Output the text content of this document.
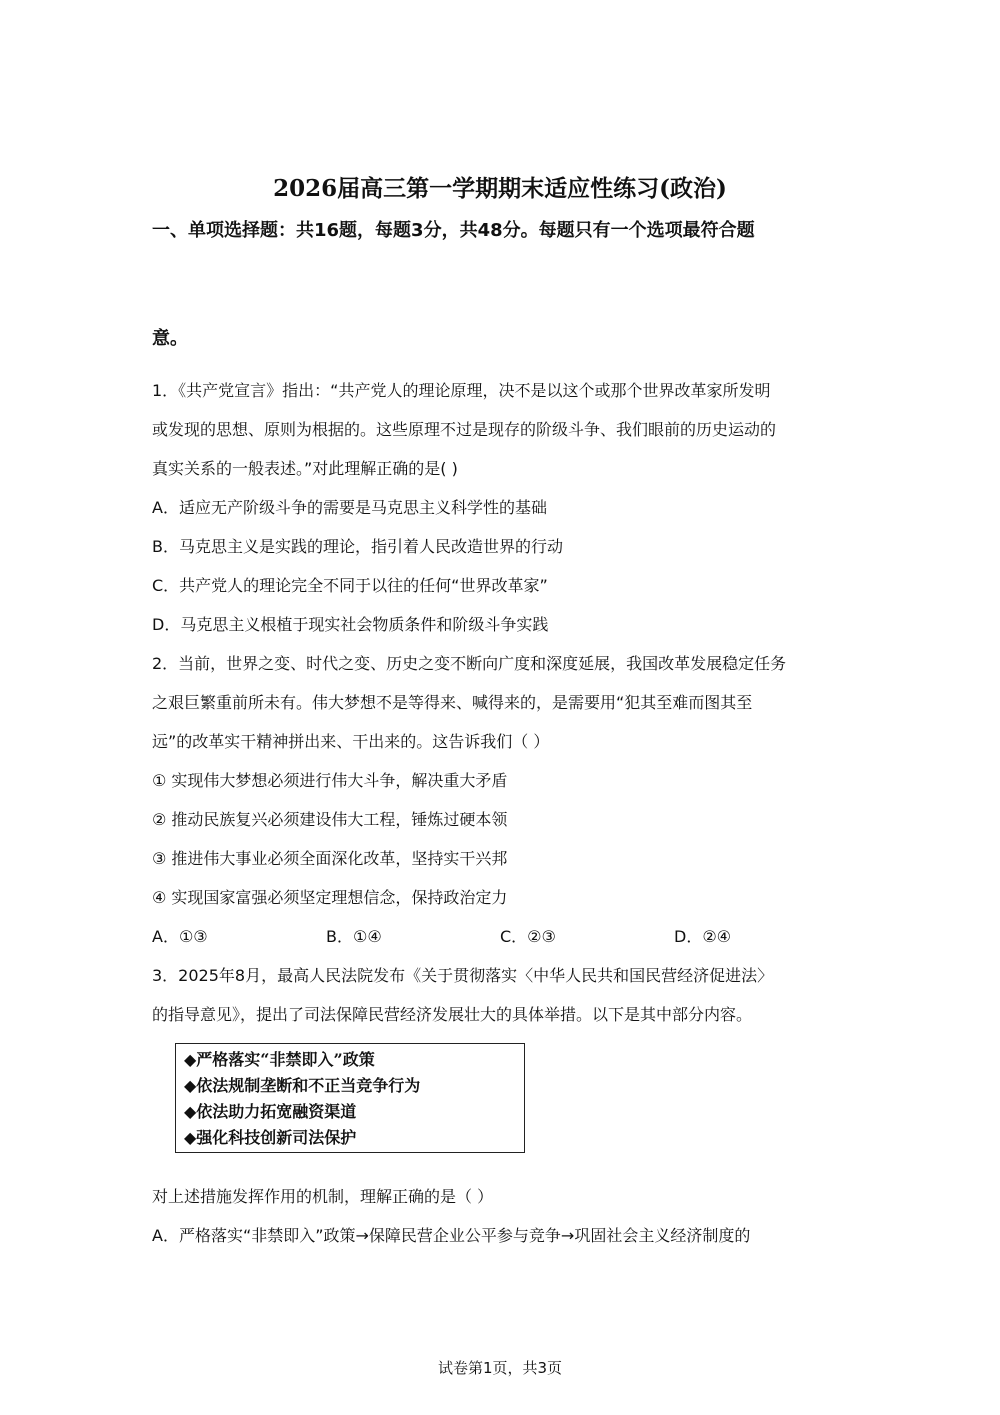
2026届高三第一学期期末适应性练习(政治)
一、单项选择题：共16题，每题3分，共48分。每题只有一个选项最符合题
意。
1．《共产党宣言》指出：“共产党人的理论原理，决不是以这个或那个世界改革家所发明
或发现的思想、原则为根据的。这些原理不过是现存的阶级斗争、我们眼前的历史运动的
真实关系的一般表述。”对此理解正确的是( )
A．适应无产阶级斗争的需要是马克思主义科学性的基础
B．马克思主义是实践的理论，指引着人民改造世界的行动
C．共产党人的理论完全不同于以往的任何“世界改革家”
D．马克思主义根植于现实社会物质条件和阶级斗争实践
2．当前，世界之变、时代之变、历史之变不断向广度和深度延展，我国改革发展稳定任务
之艰巨繁重前所未有。伟大梦想不是等得来、喊得来的，是需要用“犯其至难而图其至
远”的改革实干精神拼出来、干出来的。这告诉我们（ ）
① 实现伟大梦想必须进行伟大斗争，解决重大矛盾
② 推动民族复兴必须建设伟大工程，锤炼过硬本领
③ 推进伟大事业必须全面深化改革，坚持实干兴邦
④ 实现国家富强必须坚定理想信念，保持政治定力
A．①③	B．①④	C．②③	D．②④
3．2025年8月，最高人民法院发布《关于贯彻落实〈中华人民共和国民营经济促进法〉
的指导意见》，提出了司法保障民营经济发展壮大的具体举措。以下是其中部分内容。
◆严格落实“非禁即入”政策
◆依法规制垄断和不正当竞争行为
◆依法助力拓宽融资渠道
◆强化科技创新司法保护
对上述措施发挥作用的机制，理解正确的是（ ）
A．严格落实“非禁即入”政策→保障民营企业公平参与竞争→巩固社会主义经济制度的
试卷第1页，共3页
